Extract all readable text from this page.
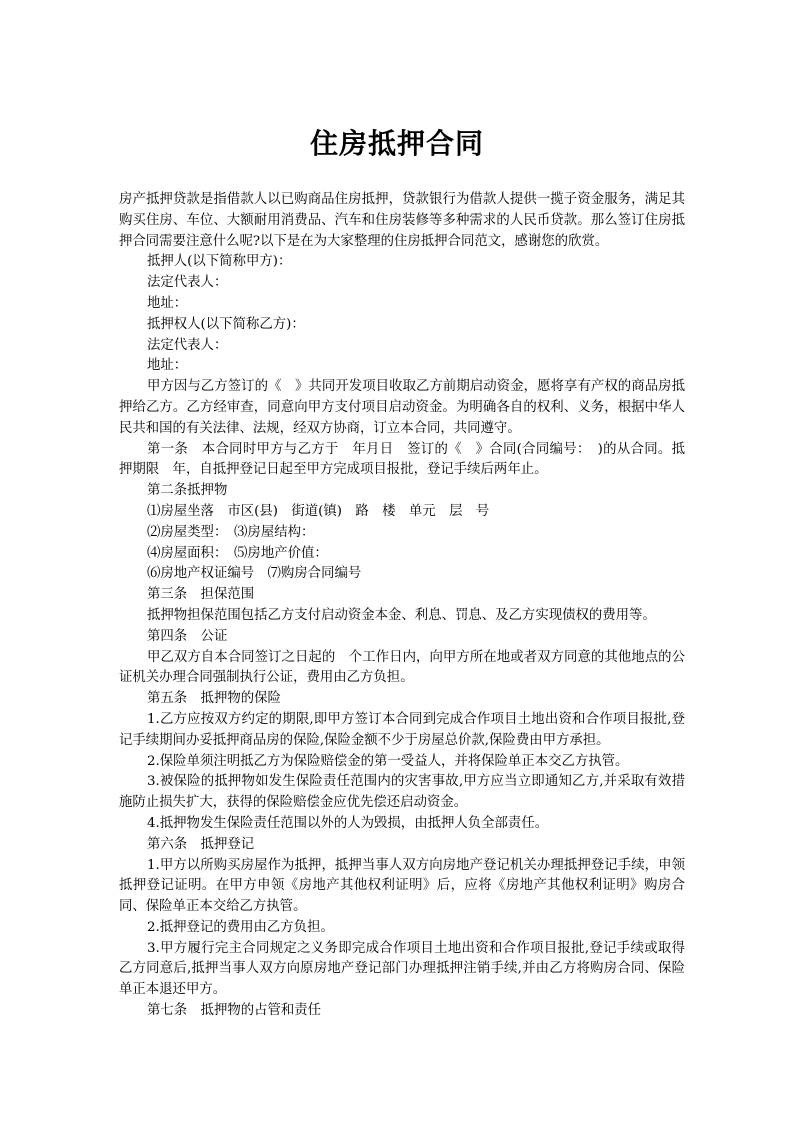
住房抵押合同

房产抵押贷款是指借款人以已购商品住房抵押，贷款银行为借款人提供一揽子资金服务，满足其购买住房、车位、大额耐用消费品、汽车和住房装修等多种需求的人民币贷款。那么签订住房抵押合同需要注意什么呢?以下是在为大家整理的住房抵押合同范文，感谢您的欣赏。

抵押人(以下简称甲方)：

法定代表人：

地址：

抵押权人(以下简称乙方)：

法定代表人：

地址：

甲方因与乙方签订的《　》共同开发项目收取乙方前期启动资金，愿将享有产权的商品房抵押给乙方。乙方经审查，同意向甲方支付项目启动资金。为明确各自的权利、义务，根据中华人民共和国的有关法律、法规，经双方协商，订立本合同，共同遵守。

第一条　本合同时甲方与乙方于　年月日　签订的《　》合同(合同编号：　)的从合同。抵押期限　年，自抵押登记日起至甲方完成项目报批，登记手续后两年止。

第二条抵押物

⑴房屋坐落　市区(县)　街道(镇)　路　楼　单元　层　号

⑵房屋类型：　⑶房屋结构：

⑷房屋面积：　⑸房地产价值：

⑹房地产权证编号　⑺购房合同编号

第三条　担保范围

抵押物担保范围包括乙方支付启动资金本金、利息、罚息、及乙方实现债权的费用等。

第四条　公证

甲乙双方自本合同签订之日起的　个工作日内，向甲方所在地或者双方同意的其他地点的公证机关办理合同强制执行公证，费用由乙方负担。

第五条　抵押物的保险

1.乙方应按双方约定的期限,即甲方签订本合同到完成合作项目土地出资和合作项目报批,登记手续期间办妥抵押商品房的保险,保险金额不少于房屋总价款,保险费由甲方承担。

2.保险单须注明抵乙方为保险赔偿金的第一受益人，并将保险单正本交乙方执管。

3.被保险的抵押物如发生保险责任范围内的灾害事故,甲方应当立即通知乙方,并采取有效措施防止损失扩大，获得的保险赔偿金应优先偿还启动资金。

4.抵押物发生保险责任范围以外的人为毁损，由抵押人负全部责任。

第六条　抵押登记

1.甲方以所购买房屋作为抵押，抵押当事人双方向房地产登记机关办理抵押登记手续，申领抵押登记证明。在甲方申领《房地产其他权利证明》后，应将《房地产其他权利证明》购房合同、保险单正本交给乙方执管。

2.抵押登记的费用由乙方负担。

3.甲方履行完主合同规定之义务即完成合作项目土地出资和合作项目报批,登记手续或取得乙方同意后,抵押当事人双方向原房地产登记部门办理抵押注销手续,并由乙方将购房合同、保险单正本退还甲方。

第七条　抵押物的占管和责任
